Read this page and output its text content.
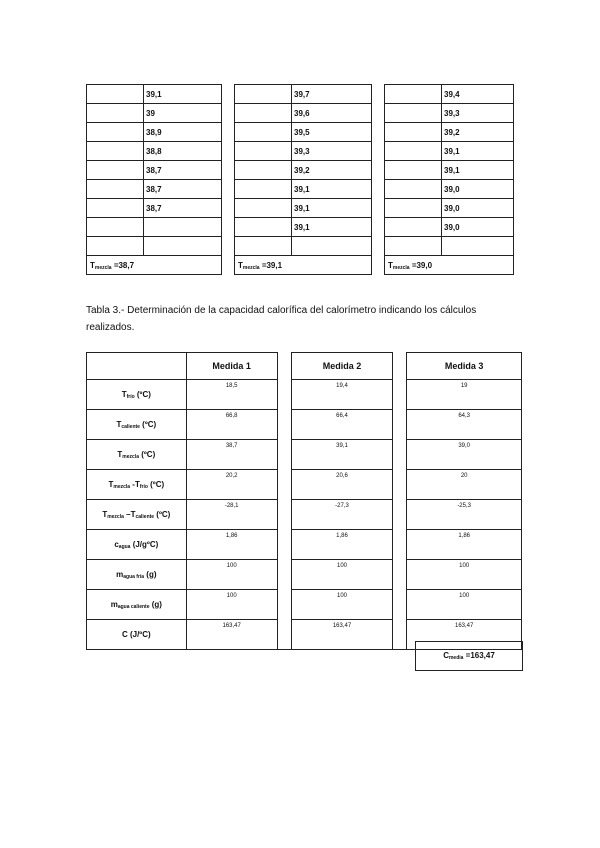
	39,1
	39
	38,9
	38,8
	38,7
	38,7
	38,7

$T_{mezcla} =38,7$	
	39,7
	39,6
	39,5
	39,3
	39,2
	39,1
	39,1
	39,1

$T_{mezcla} =39,1$	
	39,4
	39,3
	39,2
	39,1
	39,1
	39,0
	39,0
	39,0

$T_{mezcla} =39,0$	
Tabla 3.- Determinación de la capacidad calorífica del calorímetro indicando los cálculos
realizados.
	Medida 1		Medida 2		Medida 3
$T_{frío}$ (ºC)	18,5		19,4		19
$T_{caliente}$ (ºC)	66,8		66,4		64,3
$T_{mezcla}$ (ºC)	38,7		39,1		39,0
$T_{mezcla}$ $-T_{frío}$ (ºC)	20,2		20,6		20
$T_{mezcla}$ $-T_{caliente}$ (ºC)	-28,1		-27,3		-25,3
$c_{agua}$ (J/gºC)	1,86		1,86		1,86
$m_{agua fría}$ (g)	100		100		100
$m_{agua caliente}$ (g)	100		100		100
C (J/ºC)	163,47		163,47		163,47
$C_{media} =163,47$
